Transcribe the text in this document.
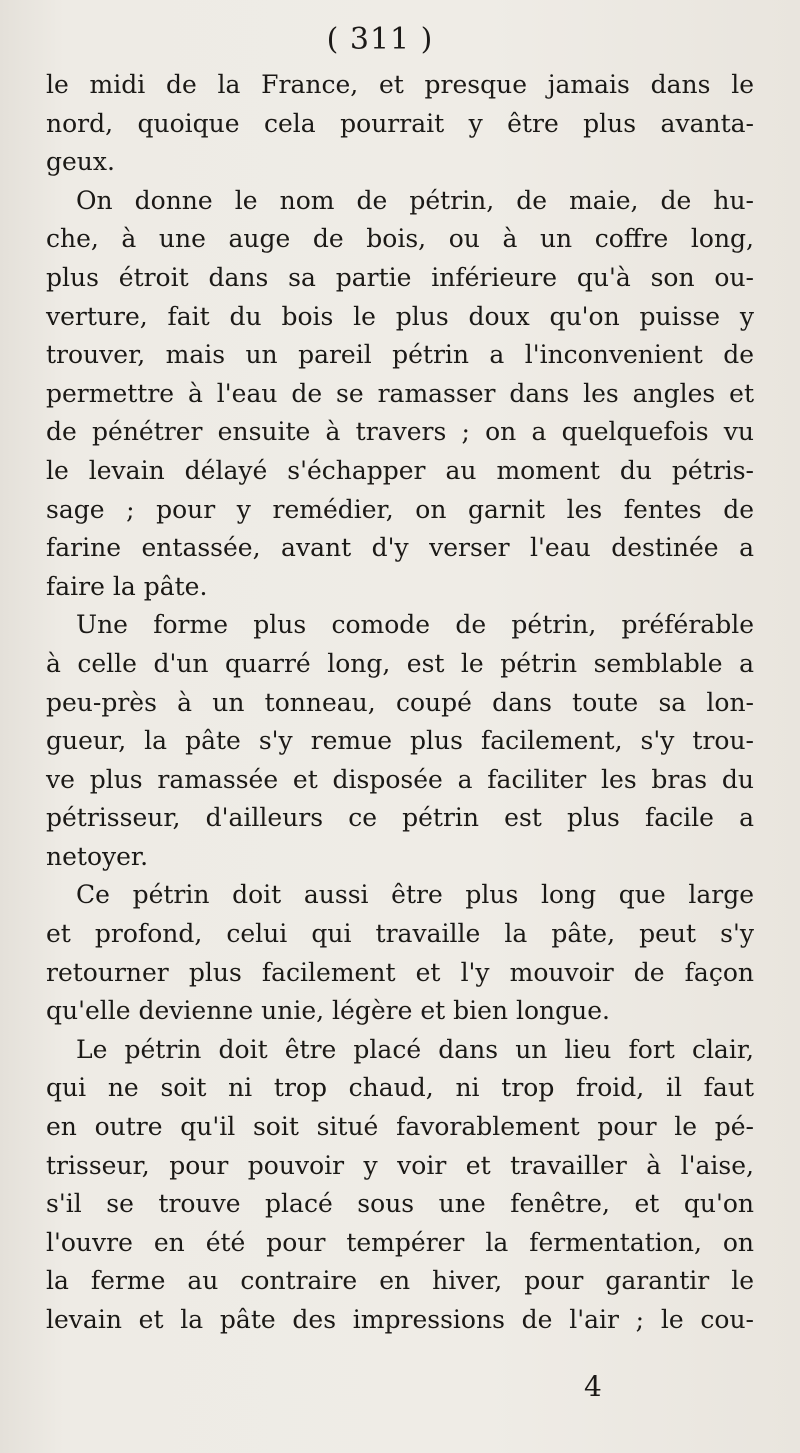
( 311 )
le midi de la France, et presque jamais dans le
nord, quoique cela pourrait y être plus avanta-
geux.
On donne le nom de pétrin, de maie, de hu-
che, à une auge de bois, ou à un coffre long,
plus étroit dans sa partie inférieure qu'à son ou-
verture, fait du bois le plus doux qu'on puisse y
trouver, mais un pareil pétrin a l'inconvenient de
permettre à l'eau de se ramasser dans les angles et
de pénétrer ensuite à travers ; on a quelquefois vu
le levain délayé s'échapper au moment du pétris-
sage ; pour y remédier, on garnit les fentes de
farine entassée, avant d'y verser l'eau destinée a
faire la pâte.
Une forme plus comode de pétrin, préférable
à celle d'un quarré long, est le pétrin semblable a
peu-près à un tonneau, coupé dans toute sa lon-
gueur, la pâte s'y remue plus facilement, s'y trou-
ve plus ramassée et disposée a faciliter les bras du
pétrisseur, d'ailleurs ce pétrin est plus facile a
netoyer.
Ce pétrin doit aussi être plus long que large
et profond, celui qui travaille la pâte, peut s'y
retourner plus facilement et l'y mouvoir de façon
qu'elle devienne unie, légère et bien longue.
Le pétrin doit être placé dans un lieu fort clair,
qui ne soit ni trop chaud, ni trop froid, il faut
en outre qu'il soit situé favorablement pour le pé-
trisseur, pour pouvoir y voir et travailler à l'aise,
s'il se trouve placé sous une fenêtre, et qu'on
l'ouvre en été pour tempérer la fermentation, on
la ferme au contraire en hiver, pour garantir le
levain et la pâte des impressions de l'air ; le cou-
4
